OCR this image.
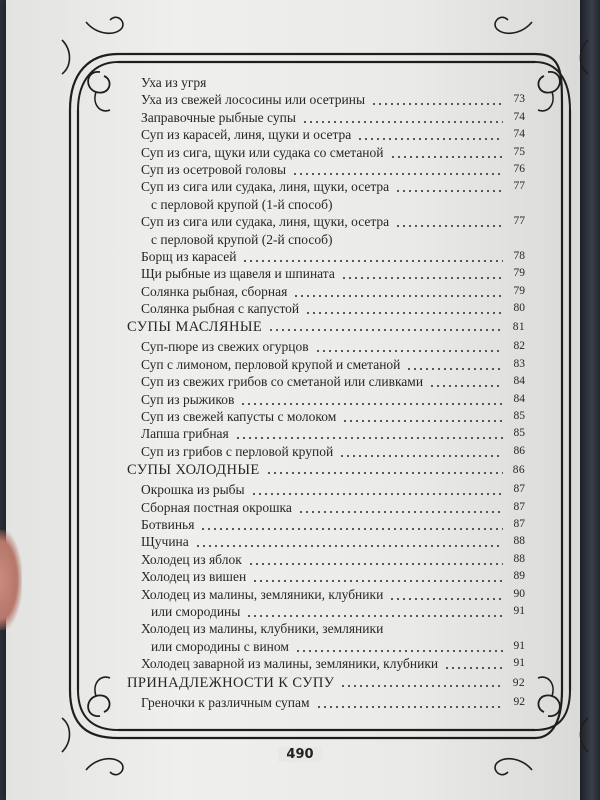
Уха из угря
Уха из свежей лососины или осетрины	73
Заправочные рыбные супы	74
Суп из карасей, линя, щуки и осетра	74
Суп из сига, щуки или судака со сметаной	75
Суп из осетровой головы	76
Суп из сига или судака, линя, щуки, осетра	77
с перловой крупой (1-й способ)
Суп из сига или судака, линя, щуки, осетра	77
с перловой крупой (2-й способ)
Борщ из карасей	78
Щи рыбные из щавеля и шпината	79
Солянка рыбная, сборная	79
Солянка рыбная с капустой	80
СУПЫ МАСЛЯНЫЕ	81
Суп-пюре из свежих огурцов	82
Суп с лимоном, перловой крупой и сметаной	83
Суп из свежих грибов со сметаной или сливками	84
Суп из рыжиков	84
Суп из свежей капусты с молоком	85
Лапша грибная	85
Суп из грибов с перловой крупой	86
СУПЫ ХОЛОДНЫЕ	86
Окрошка из рыбы	87
Сборная постная окрошка	87
Ботвинья	87
Щучина	88
Холодец из яблок	88
Холодец из вишен	89
Холодец из малины, земляники, клубники	90
или смородины	91
Холодец из малины, клубники, земляники
или смородины с вином	91
Холодец заварной из малины, земляники, клубники	91
ПРИНАДЛЕЖНОСТИ К СУПУ	92
Греночки к различным супам	92
490
